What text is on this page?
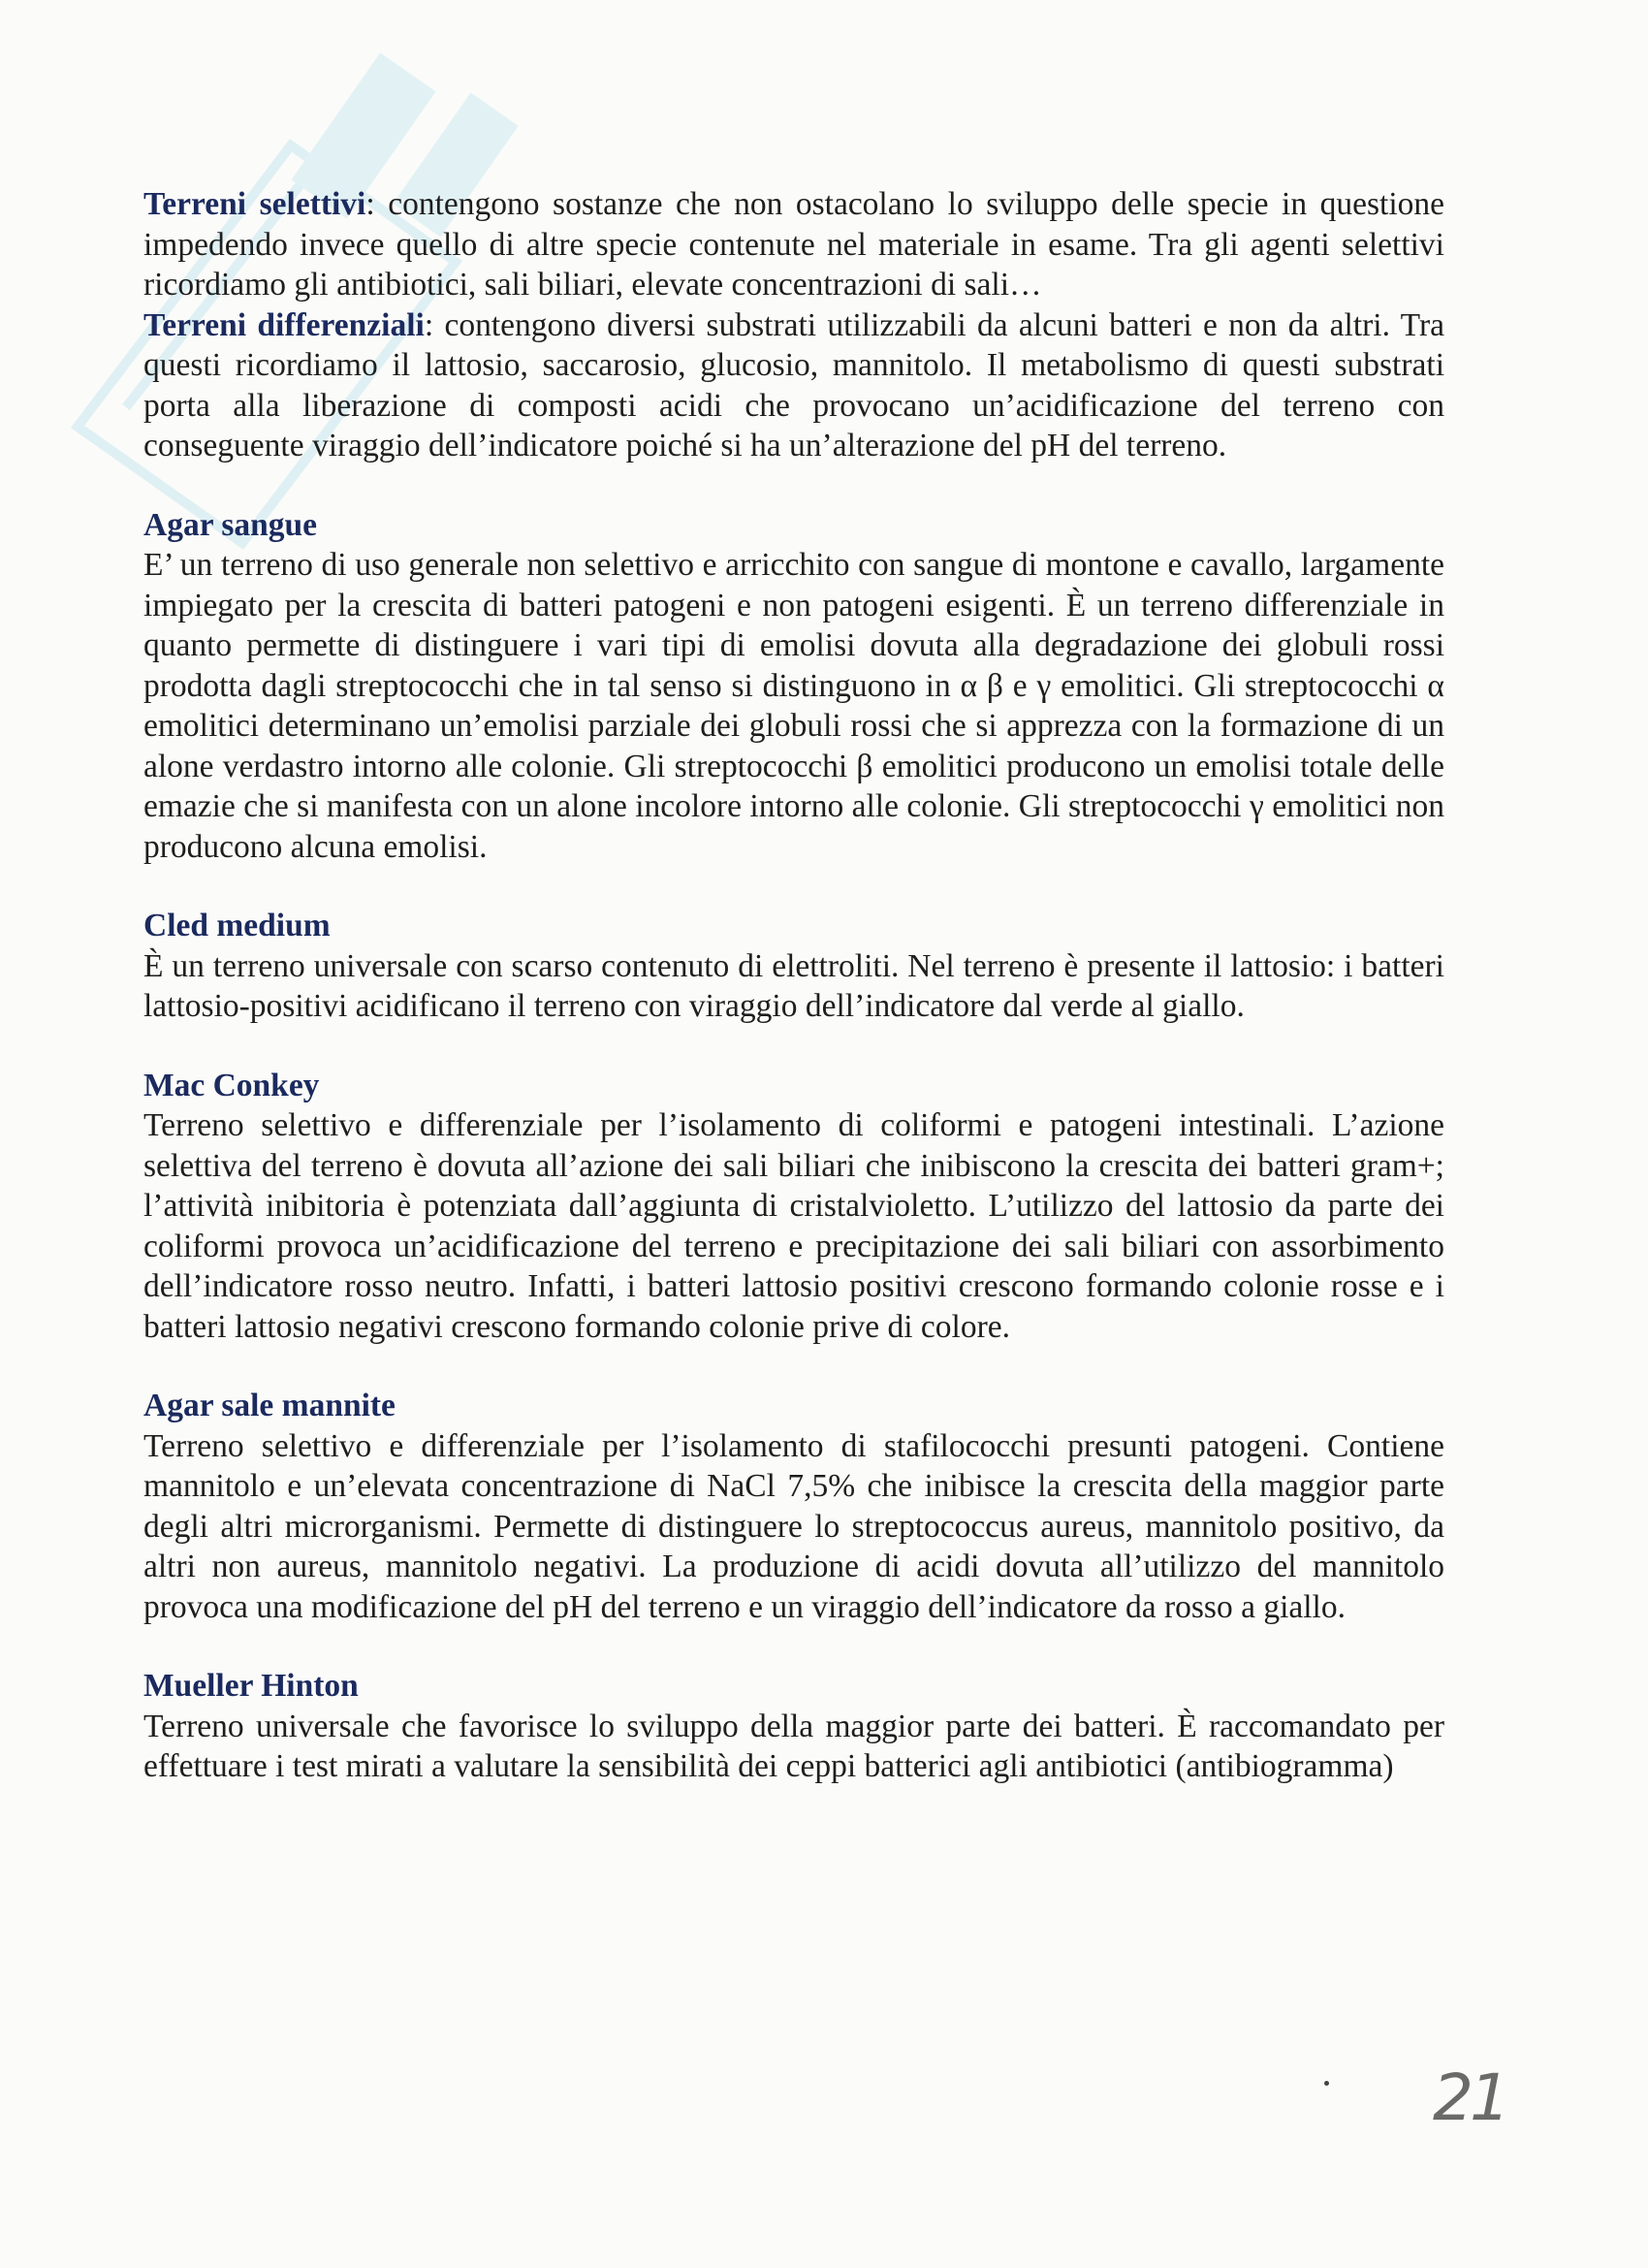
Terreni selettivi: contengono sostanze che non ostacolano lo sviluppo delle specie in questione impedendo invece quello di altre specie contenute nel materiale in esame. Tra gli agenti selettivi ricordiamo gli antibiotici, sali biliari, elevate concentrazioni di sali…

Terreni differenziali: contengono diversi substrati utilizzabili da alcuni batteri e non da altri. Tra questi ricordiamo il lattosio, saccarosio, glucosio, mannitolo. Il metabolismo di questi substrati porta alla liberazione di composti acidi che provocano un’acidificazione del terreno con conseguente viraggio dell’indicatore poiché si ha un’alterazione del pH del terreno.

Agar sangue

E’ un terreno di uso generale non selettivo e arricchito con sangue di montone e cavallo, largamente impiegato per la crescita di batteri patogeni e non patogeni esigenti. È un terreno differenziale in quanto permette di distinguere i vari tipi di emolisi dovuta alla degradazione dei globuli rossi prodotta dagli streptococchi che in tal senso si distinguono in α β e γ emolitici. Gli streptococchi α emolitici determinano un’emolisi parziale dei globuli rossi che si apprezza con la formazione di un alone verdastro intorno alle colonie. Gli streptococchi β emolitici producono un emolisi totale delle emazie che si manifesta con un alone incolore intorno alle colonie. Gli streptococchi γ emolitici non producono alcuna emolisi.

Cled medium

È un terreno universale con scarso contenuto di elettroliti. Nel terreno è presente il lattosio: i batteri lattosio-positivi acidificano il terreno con viraggio dell’indicatore dal verde al giallo.

Mac Conkey

Terreno selettivo e differenziale per l’isolamento di coliformi e patogeni intestinali. L’azione selettiva del terreno è dovuta all’azione dei sali biliari che inibiscono la crescita dei batteri gram+; l’attività inibitoria è potenziata dall’aggiunta di cristalvioletto. L’utilizzo del lattosio da parte dei coliformi provoca un’acidificazione del terreno e precipitazione dei sali biliari con assorbimento dell’indicatore rosso neutro. Infatti, i batteri lattosio positivi crescono formando colonie rosse e i batteri lattosio negativi crescono formando colonie prive di colore.

Agar sale mannite

Terreno selettivo e differenziale per l’isolamento di stafilococchi presunti patogeni. Contiene mannitolo e un’elevata concentrazione di NaCl 7,5% che inibisce la crescita della maggior parte degli altri microrganismi. Permette di distinguere lo streptococcus aureus, mannitolo positivo, da altri non aureus, mannitolo negativi. La produzione di acidi dovuta all’utilizzo del mannitolo provoca una modificazione del pH del terreno e un viraggio dell’indicatore da rosso a giallo.

Mueller Hinton

Terreno universale che favorisce lo sviluppo della maggior parte dei batteri. È raccomandato per effettuare i test mirati a valutare la sensibilità dei ceppi batterici agli antibiotici (antibiogramma)

21
